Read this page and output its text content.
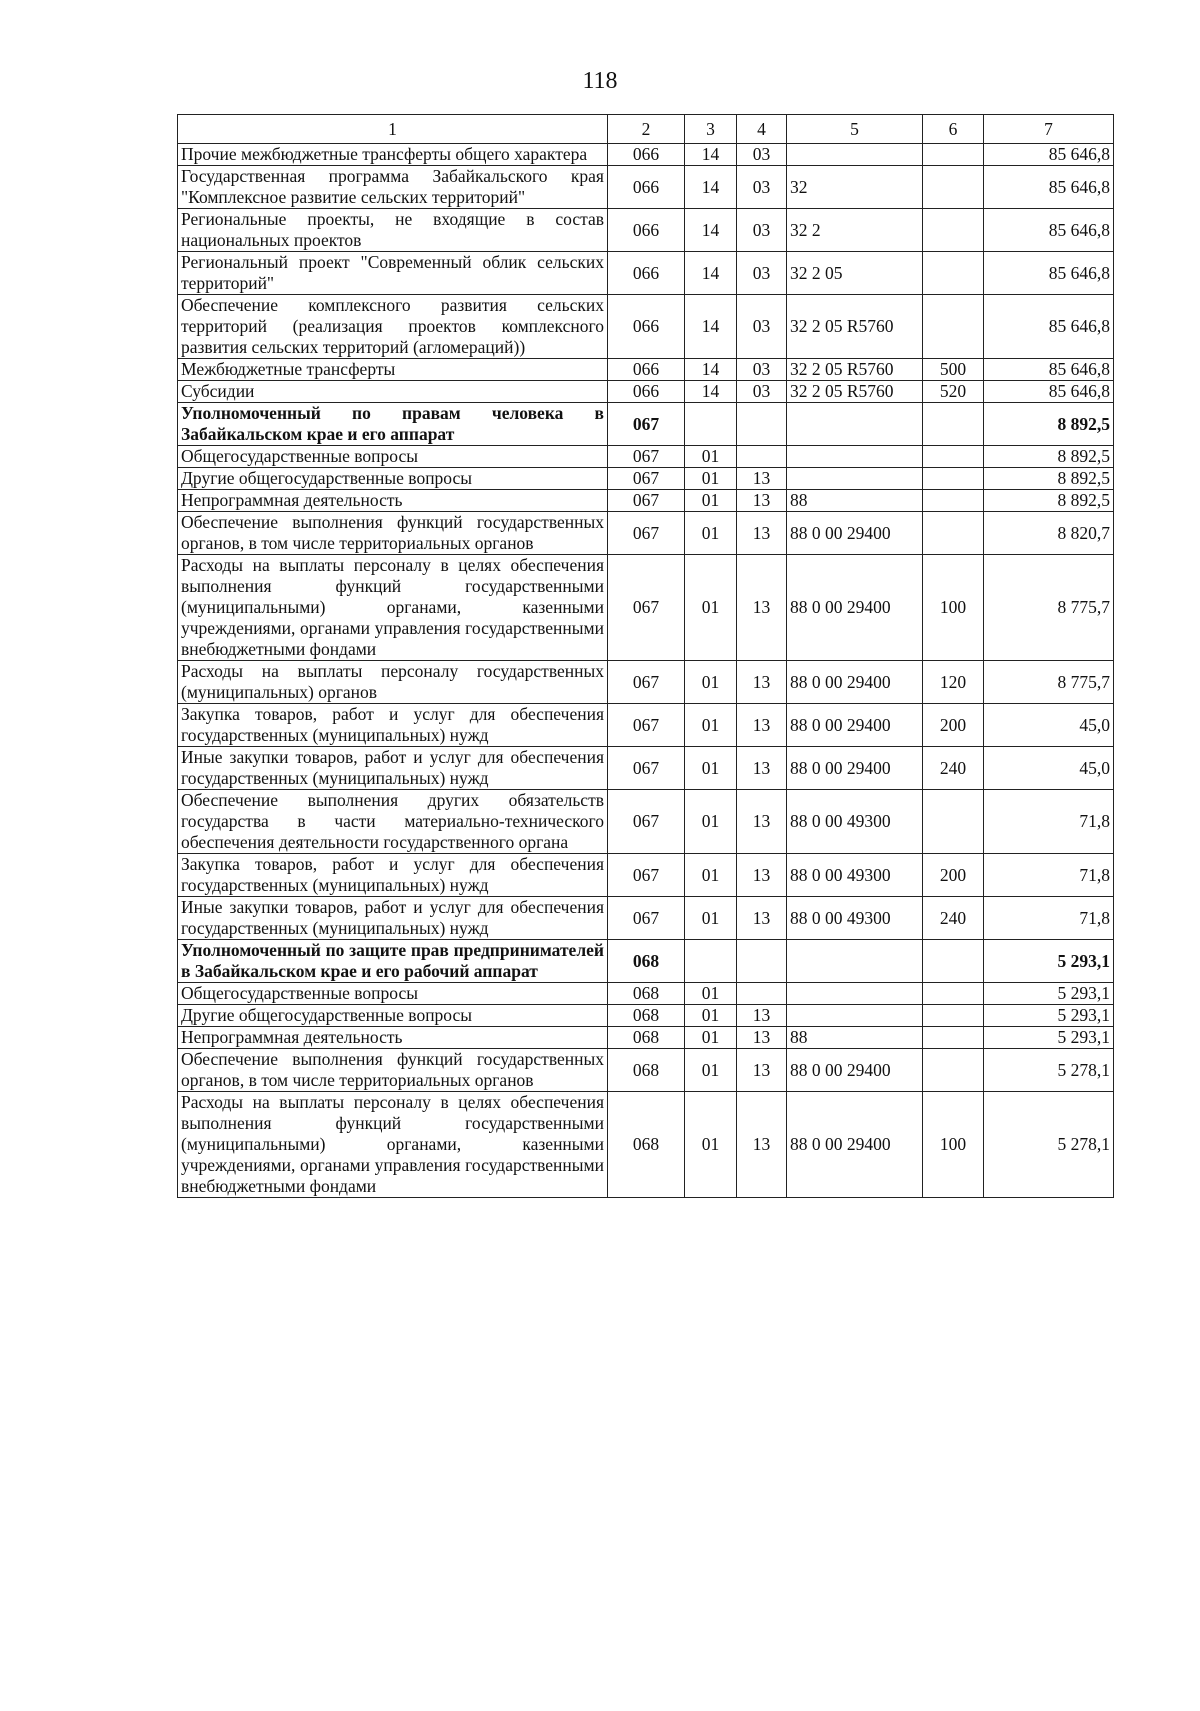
118
1	2	3	4	5	6	7
Прочие межбюджетные трансферты общего характера	066	14	03			85 646,8
Государственная программа Забайкальского края "Комплексное развитие сельских территорий"	066	14	03	32		85 646,8
Региональные проекты, не входящие в состав национальных проектов	066	14	03	32 2		85 646,8
Региональный проект "Современный облик сельских территорий"	066	14	03	32 2 05		85 646,8
Обеспечение комплексного развития сельских территорий (реализация проектов комплексного развития сельских территорий (агломераций))	066	14	03	32 2 05 R5760		85 646,8
Межбюджетные трансферты	066	14	03	32 2 05 R5760	500	85 646,8
Субсидии	066	14	03	32 2 05 R5760	520	85 646,8
Уполномоченный по правам человека в Забайкальском крае и его аппарат	067					8 892,5
Общегосударственные вопросы	067	01				8 892,5
Другие общегосударственные вопросы	067	01	13			8 892,5
Непрограммная деятельность	067	01	13	88		8 892,5
Обеспечение выполнения функций государственных органов, в том числе территориальных органов	067	01	13	88 0 00 29400		8 820,7
Расходы на выплаты персоналу в целях обеспечения выполнения функций государственными (муниципальными) органами, казенными учреждениями, органами управления государственными внебюджетными фондами	067	01	13	88 0 00 29400	100	8 775,7
Расходы на выплаты персоналу государственных (муниципальных) органов	067	01	13	88 0 00 29400	120	8 775,7
Закупка товаров, работ и услуг для обеспечения государственных (муниципальных) нужд	067	01	13	88 0 00 29400	200	45,0
Иные закупки товаров, работ и услуг для обеспечения государственных (муниципальных) нужд	067	01	13	88 0 00 29400	240	45,0
Обеспечение выполнения других обязательств государства в части материально-технического обеспечения деятельности государственного органа	067	01	13	88 0 00 49300		71,8
Закупка товаров, работ и услуг для обеспечения государственных (муниципальных) нужд	067	01	13	88 0 00 49300	200	71,8
Иные закупки товаров, работ и услуг для обеспечения государственных (муниципальных) нужд	067	01	13	88 0 00 49300	240	71,8
Уполномоченный по защите прав предпринимателей в Забайкальском крае и его рабочий аппарат	068					5 293,1
Общегосударственные вопросы	068	01				5 293,1
Другие общегосударственные вопросы	068	01	13			5 293,1
Непрограммная деятельность	068	01	13	88		5 293,1
Обеспечение выполнения функций государственных органов, в том числе территориальных органов	068	01	13	88 0 00 29400		5 278,1
Расходы на выплаты персоналу в целях обеспечения выполнения функций государственными (муниципальными) органами, казенными учреждениями, органами управления государственными внебюджетными фондами	068	01	13	88 0 00 29400	100	5 278,1
